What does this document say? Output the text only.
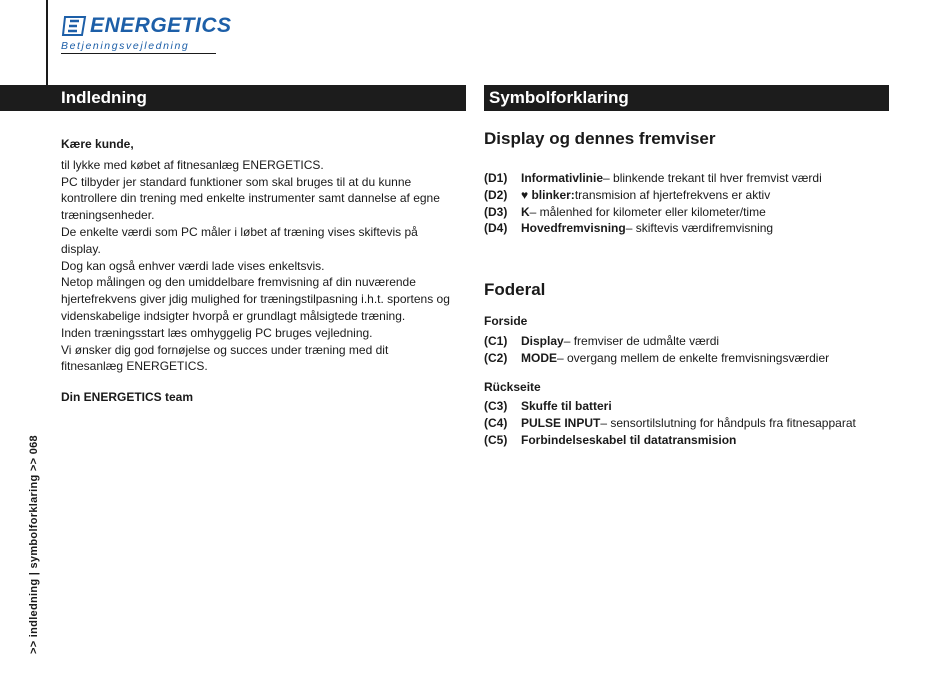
ENERGETICS
Betjeningsvejledning
Indledning	Symbolforklaring
Kære kunde,

til lykke med købet af fitnesanlæg ENERGETICS.

PC tilbyder jer standard funktioner som skal bruges til at du kunne

kontrollere din trening med enkelte instrumenter samt dannelse af egne

træningsenheder.

De enkelte værdi som PC måler i løbet af træning vises skiftevis på display.

Dog kan også enhver værdi lade vises enkeltsvis.

Netop målingen og den umiddelbare fremvisning af din nuværende

hjertefrekvens giver jdig mulighed for træningstilpasning i.h.t. sportens og

videnskabelige indsigter hvorpå er grundlagt målsigtede træning.

Inden træningsstart læs omhyggelig PC bruges vejledning.

Vi ønsker dig god fornøjelse og succes under træning med dit

fitnesanlæg ENERGETICS.

Din ENERGETICS team
Display og dennes fremviser
(D1)	Informativlinie – blinkende trekant til hver fremvist værdi
(D2)	♥ blinker: transmision af hjertefrekvens er aktiv
(D3)	K – målenhed for kilometer eller kilometer/time
(D4)	Hovedfremvisning – skiftevis værdifremvisning
Foderal
Forside
(C1)	Display – fremviser de udmålte værdi
(C2)	MODE – overgang mellem de enkelte fremvisningsværdier
Rückseite
(C3)	Skuffe til batteri
(C4)	PULSE INPUT – sensortilslutning for håndpuls fra fitnesapparat
(C5)	Forbindelseskabel til datatransmision
>> indledning | symbolforklaring >> 068
